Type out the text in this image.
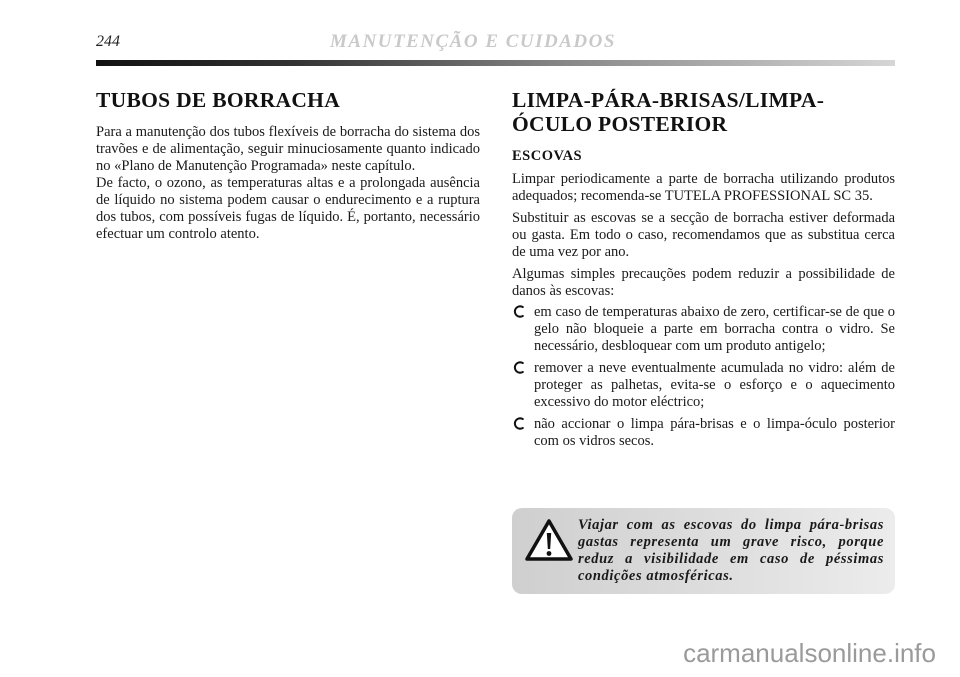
244	MANUTENÇÃO E CUIDADOS
TUBOS DE BORRACHA

Para a manutenção dos tubos flexíveis de borracha do sistema dos travões e de alimentação, seguir minuciosamente quanto indicado no «Plano de Manutenção Programada» neste capítulo.

De facto, o ozono, as temperaturas altas e a prolongada ausência de líquido no sistema podem causar o endurecimento e a ruptura dos tubos, com possíveis fugas de líquido. É, portanto, necessário efectuar um controlo atento.

LIMPA-PÁRA-BRISAS/LIMPA-ÓCULO POSTERIOR
ESCOVAS

Limpar periodicamente a parte de borracha utilizando produtos adequados; recomenda-se TUTELA PROFESSIONAL SC 35.

Substituir as escovas se a secção de borracha estiver deformada ou gasta. Em todo o caso, recomendamos que as substitua cerca de uma vez por ano.

Algumas simples precauções podem reduzir a possibilidade de danos às escovas:

em caso de temperaturas abaixo de zero, certificar-se de que o gelo não bloqueie a parte em borracha contra o vidro. Se necessário, desbloquear com um produto antigelo;
remover a neve eventualmente acumulada no vidro: além de proteger as palhetas, evita-se o esforço e o aquecimento excessivo do motor eléctrico;
não accionar o limpa pára-brisas e o limpa-óculo posterior com os vidros secos.

Viajar com as escovas do limpa pára-brisas gastas representa um grave risco, porque reduz a visibilidade em caso de péssimas condições atmosféricas.

carmanualsonline.info
